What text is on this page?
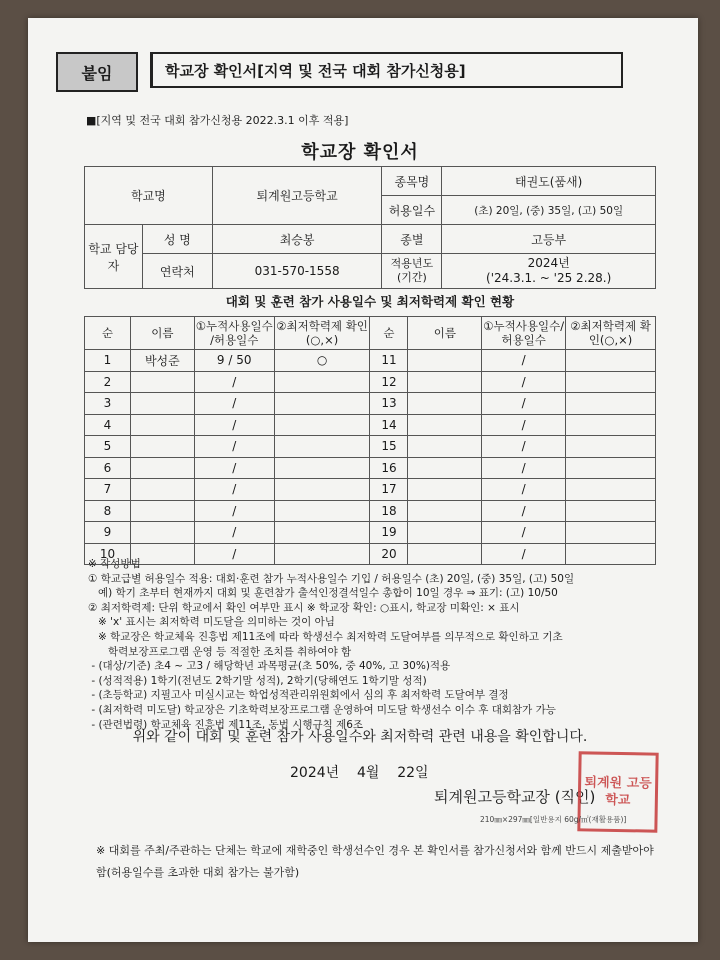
붙임	학교장 확인서[지역 및 전국 대회 참가신청용]
■[지역 및 전국 대회 참가신청용 2022.3.1 이후 적용]
학교장 확인서
학교명		퇴계원고등학교	종목명	태권도(품새)
			허용일수	(초) 20일, (중) 35일, (고) 50일
학교 담당자	성 명	최승봉	종별	고등부
	연락처	031-570-1558	적용년도 (기간)	2024년
('24.3.1. ~ '25 2.28.)
대회 및 훈련 참가 사용일수 및 최저학력제 확인 현황
순	이름	①누적사용일수 /허용일수	②최저학력제 확인(○,×)	순	이름	①누적사용일수/ 허용일수	②최저학력제 확인(○,×)
1	박성준	9 / 50	○	11		/	
2		/		12		/	
3		/		13		/	
4		/		14		/	
5		/		15		/	
6		/		16		/	
7		/		17		/	
8		/		18		/	
9		/		19		/	
10		/		20		/	
※ 작성방법
① 학교급별 허용일수 적용: 대회·훈련 참가 누적사용일수 기입 / 허용일수 (초) 20일, (중) 35일, (고) 50일
예) 학기 초부터 현재까지 대회 및 훈련참가 출석인정결석일수 총합이 10일 경우 ⇒ 표기: (고) 10/50
② 최저학력제: 단위 학교에서 확인 여부만 표시 ※ 학교장 확인: ○표시, 학교장 미확인: × 표시
※ 'x' 표시는 최저학력 미도달을 의미하는 것이 아님
※ 학교장은 학교체육 진흥법 제11조에 따라 학생선수 최저학력 도달여부를 의무적으로 확인하고 기초
학력보장프로그램 운영 등 적절한 조치를 취하여야 함
- (대상/기준) 초4 ~ 고3 / 해당학년 과목평균(초 50%, 중 40%, 고 30%)적용
- (성적적용) 1학기(전년도 2학기말 성적), 2학기(당해연도 1학기말 성적)
- (초등학교) 지필고사 미실시교는 학업성적관리위원회에서 심의 후 최저학력 도달여부 결정
- (최저학력 미도달) 학교장은 기초학력보장프로그램 운영하여 미도달 학생선수 이수 후 대회참가 가능
- (관련법령) 학교체육 진흥법 제11조, 동법 시행규칙 제6조
위와 같이 대회 및 훈련 참가 사용일수와 최저학력 관련 내용을 확인합니다.
2024년 4월 22일
퇴계원고등학교장 (직인)
퇴계원 고등학교
210㎜×297㎜[일반용지 60g/㎡(재활용품)]
※ 대회를 주최/주관하는 단체는 학교에 재학중인 학생선수인 경우 본 확인서를 참가신청서와 함께 반드시 제출받아야 함(허용일수를 초과한 대회 참가는 불가함)
